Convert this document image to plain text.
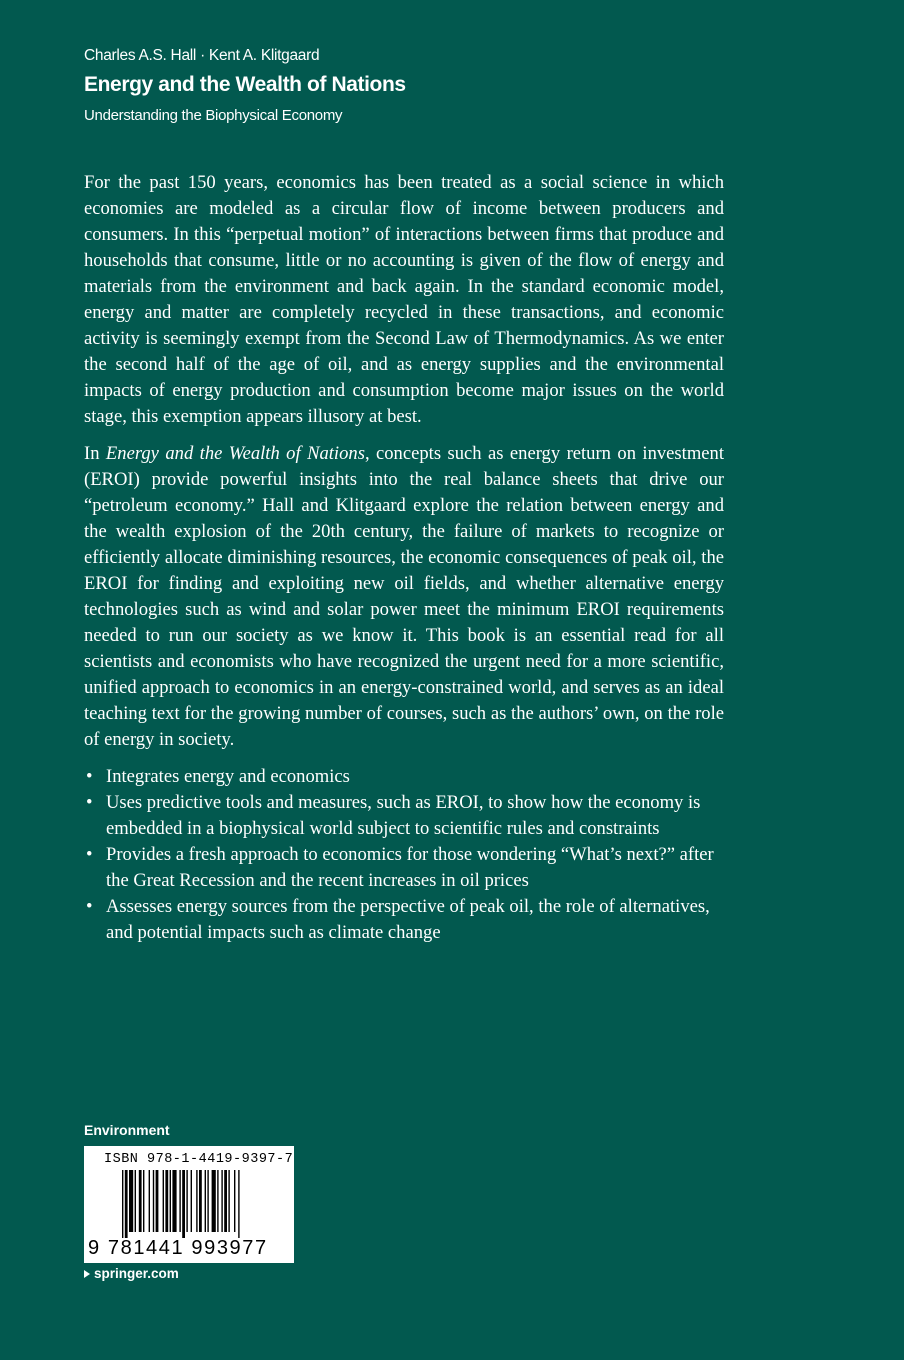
Charles A.S. Hall · Kent A. Klitgaard

Energy and the Wealth of Nations

Understanding the Biophysical Economy

For the past 150 years, economics has been treated as a social science in which economies are modeled as a circular flow of income between producers and consumers. In this “perpetual motion” of interactions between firms that produce and households that consume, little or no accounting is given of the flow of energy and materials from the environment and back again. In the standard economic model, energy and matter are completely recycled in these transactions, and economic activity is seemingly exempt from the Second Law of Thermodynamics. As we enter the second half of the age of oil, and as energy supplies and the environmental impacts of energy production and consumption become major issues on the world stage, this exemption appears illusory at best.

In Energy and the Wealth of Nations, concepts such as energy return on investment (EROI) provide powerful insights into the real balance sheets that drive our “petroleum economy.” Hall and Klitgaard explore the relation between energy and the wealth explosion of the 20th century, the failure of markets to recognize or efficiently allocate diminishing resources, the economic consequences of peak oil, the EROI for finding and exploiting new oil fields, and whether alternative energy technologies such as wind and solar power meet the minimum EROI requirements needed to run our society as we know it. This book is an essential read for all scientists and economists who have recognized the urgent need for a more scientific, unified approach to economics in an energy-constrained world, and serves as an ideal teaching text for the growing number of courses, such as the authors’ own, on the role of energy in society.

• Integrates energy and economics
• Uses predictive tools and measures, such as EROI, to show how the economy is embedded in a biophysical world subject to scientific rules and constraints
• Provides a fresh approach to economics for those wondering “What’s next?” after the Great Recession and the recent increases in oil prices
• Assesses energy sources from the perspective of peak oil, the role of alternatives, and potential impacts such as climate change
Environment
ISBN 978-1-4419-9397-7
9 781441 993977
springer.com
